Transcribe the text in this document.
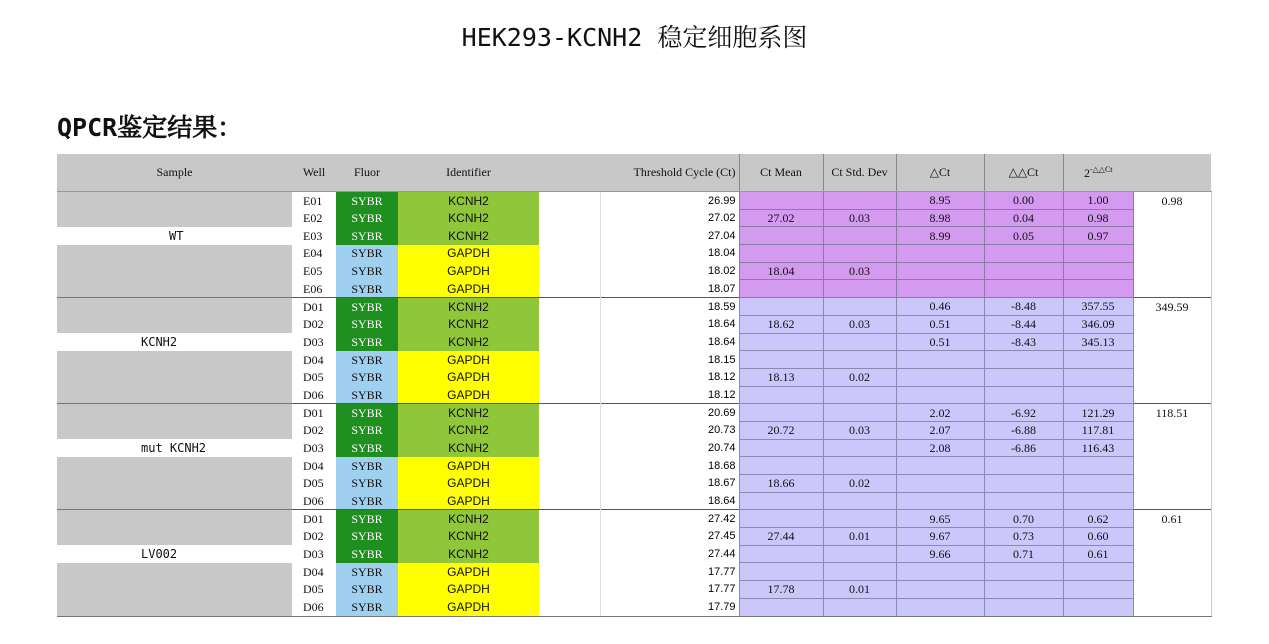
HEK293-KCNH2 稳定细胞系图
QPCR鉴定结果：
Sample	Well	Fluor	Identifier		Threshold Cycle (Ct)	Ct Mean	Ct Std. Dev	△Ct	△△Ct	$2^{-\triangle\triangle Ct}$	
	E01	SYBR	KCNH2		26.99			8.95	0.00	1.00	0.98
	E02	SYBR	KCNH2		27.02	27.02	0.03	8.98	0.04	0.98	
WT	E03	SYBR	KCNH2		27.04			8.99	0.05	0.97	
	E04	SYBR	GAPDH		18.04						
	E05	SYBR	GAPDH		18.02	18.04	0.03				
	E06	SYBR	GAPDH		18.07						
	D01	SYBR	KCNH2		18.59			0.46	-8.48	357.55	349.59
	D02	SYBR	KCNH2		18.64	18.62	0.03	0.51	-8.44	346.09	
KCNH2	D03	SYBR	KCNH2		18.64			0.51	-8.43	345.13	
	D04	SYBR	GAPDH		18.15						
	D05	SYBR	GAPDH		18.12	18.13	0.02				
	D06	SYBR	GAPDH		18.12						
	D01	SYBR	KCNH2		20.69			2.02	-6.92	121.29	118.51
	D02	SYBR	KCNH2		20.73	20.72	0.03	2.07	-6.88	117.81	
mut KCNH2	D03	SYBR	KCNH2		20.74			2.08	-6.86	116.43	
	D04	SYBR	GAPDH		18.68						
	D05	SYBR	GAPDH		18.67	18.66	0.02				
	D06	SYBR	GAPDH		18.64						
	D01	SYBR	KCNH2		27.42			9.65	0.70	0.62	0.61
	D02	SYBR	KCNH2		27.45	27.44	0.01	9.67	0.73	0.60	
LV002	D03	SYBR	KCNH2		27.44			9.66	0.71	0.61	
	D04	SYBR	GAPDH		17.77						
	D05	SYBR	GAPDH		17.77	17.78	0.01				
	D06	SYBR	GAPDH		17.79						
